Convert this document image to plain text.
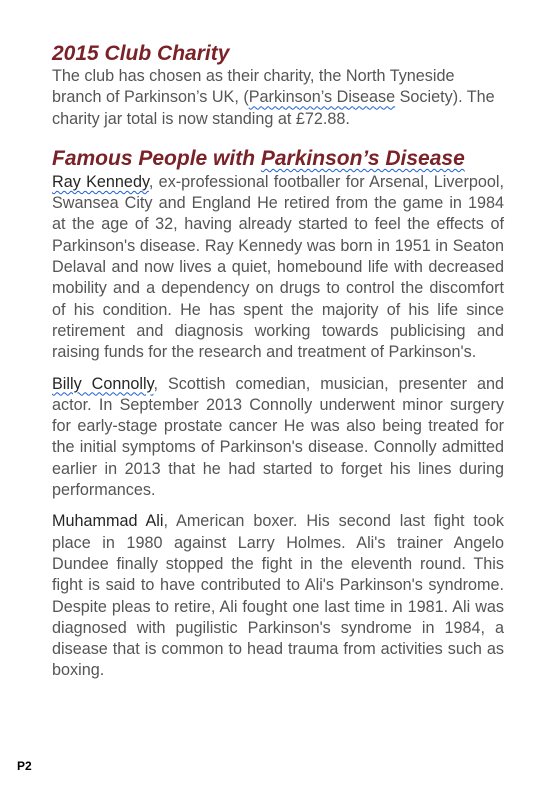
2015 Club Charity

The club has chosen as their charity, the North Tyneside branch of Parkinson’s UK, (Parkinson’s Disease Society). The charity jar total is now standing at £72.88.

Famous People with Parkinson’s Disease

Ray Kennedy, ex-professional footballer for Arsenal, Liverpool, Swansea City and England He retired from the game in 1984 at the age of 32, having already started to feel the effects of Parkinson's disease. Ray Kennedy was born in 1951 in Seaton Delaval and now lives a quiet, homebound life with decreased mobility and a dependency on drugs to control the discomfort of his condition. He has spent the majority of his life since retirement and diagnosis working towards publicising and raising funds for the research and treatment of Parkinson's.

Billy Connolly, Scottish comedian, musician, presenter and actor. In September 2013 Connolly underwent minor surgery for early-stage prostate cancer He was also being treated for the initial symptoms of Parkinson's disease. Connolly admitted earlier in 2013 that he had started to forget his lines during performances.

Muhammad Ali, American boxer. His second last fight took place in 1980 against Larry Holmes. Ali's trainer Angelo Dundee finally stopped the fight in the eleventh round. This fight is said to have contributed to Ali's Parkinson's syndrome. Despite pleas to retire, Ali fought one last time in 1981. Ali was diagnosed with pugilistic Parkinson's syndrome in 1984, a disease that is common to head trauma from activities such as boxing.

P2
